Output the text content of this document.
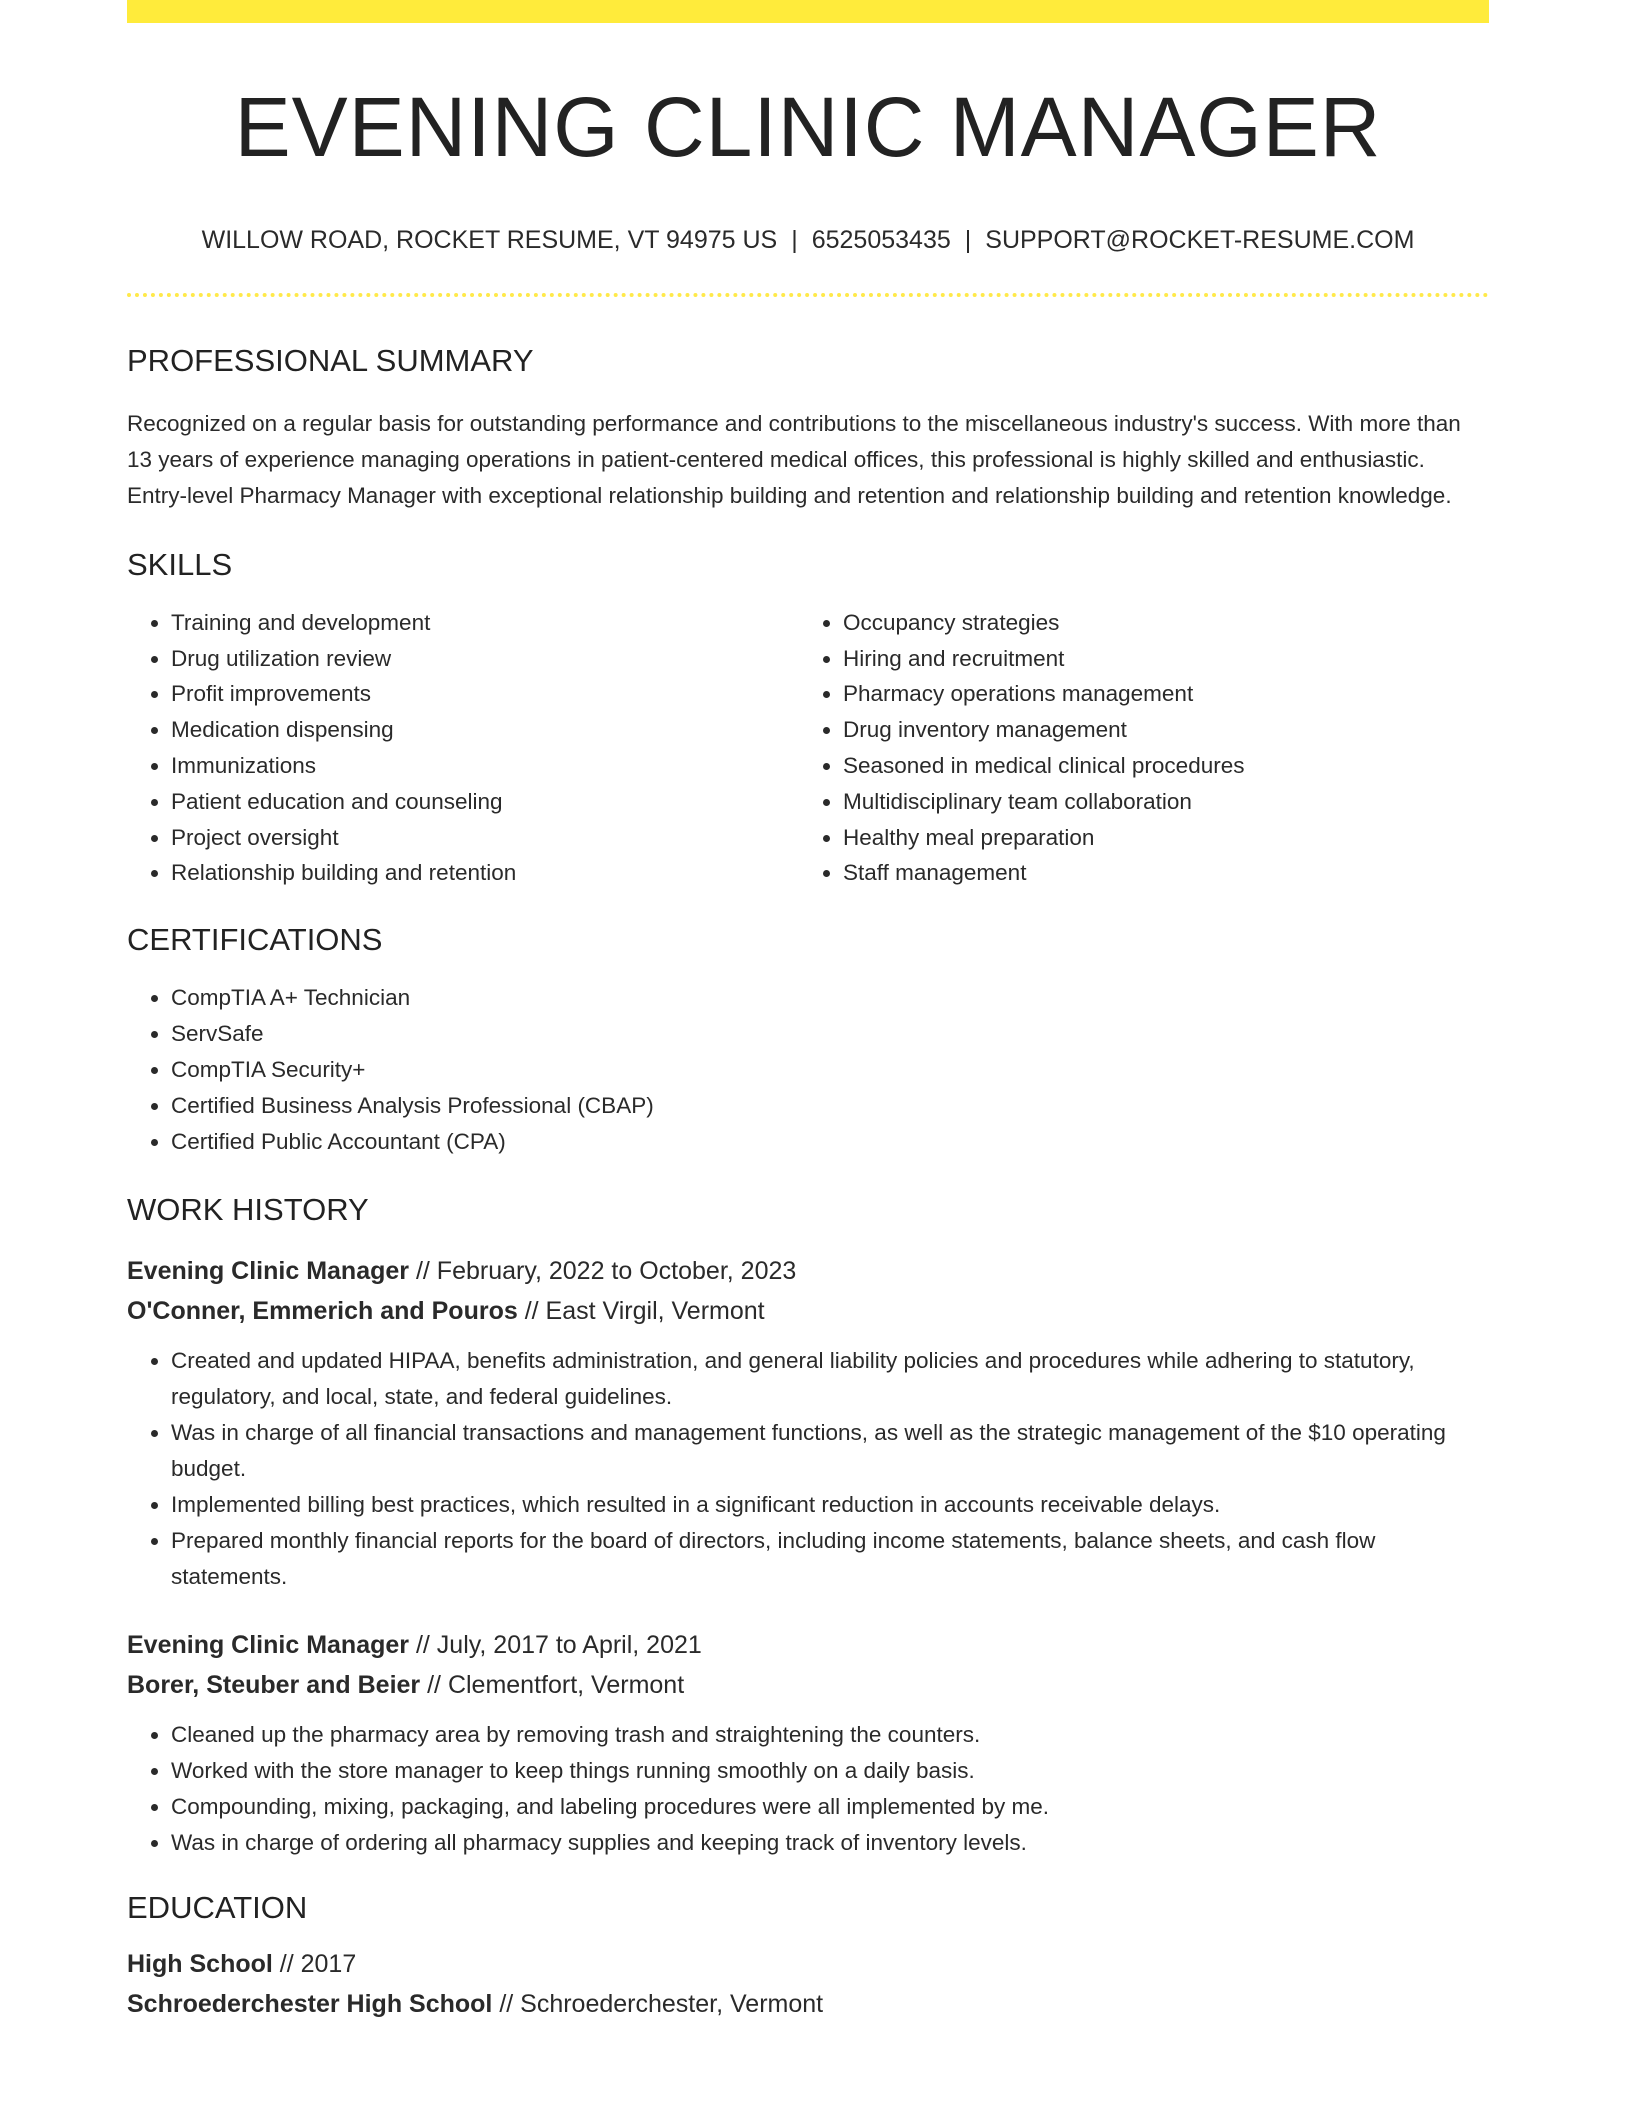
EVENING CLINIC MANAGER
WILLOW ROAD, ROCKET RESUME, VT 94975 US | 6525053435 | SUPPORT@ROCKET-RESUME.COM
PROFESSIONAL SUMMARY

Recognized on a regular basis for outstanding performance and contributions to the miscellaneous industry's success. With more than 13 years of experience managing operations in patient-centered medical offices, this professional is highly skilled and enthusiastic. Entry-level Pharmacy Manager with exceptional relationship building and retention and relationship building and retention knowledge.

SKILLS
• Training and development
• Drug utilization review
• Profit improvements
• Medication dispensing
• Immunizations
• Patient education and counseling
• Project oversight
• Relationship building and retention
• Occupancy strategies
• Hiring and recruitment
• Pharmacy operations management
• Drug inventory management
• Seasoned in medical clinical procedures
• Multidisciplinary team collaboration
• Healthy meal preparation
• Staff management
CERTIFICATIONS
• CompTIA A+ Technician
• ServSafe
• CompTIA Security+
• Certified Business Analysis Professional (CBAP)
• Certified Public Accountant (CPA)
WORK HISTORY
Evening Clinic Manager // February, 2022 to October, 2023
O'Conner, Emmerich and Pouros // East Virgil, Vermont
• Created and updated HIPAA, benefits administration, and general liability policies and procedures while adhering to statutory, regulatory, and local, state, and federal guidelines.
• Was in charge of all financial transactions and management functions, as well as the strategic management of the $10 operating budget.
• Implemented billing best practices, which resulted in a significant reduction in accounts receivable delays.
• Prepared monthly financial reports for the board of directors, including income statements, balance sheets, and cash flow statements.
Evening Clinic Manager // July, 2017 to April, 2021
Borer, Steuber and Beier // Clementfort, Vermont
• Cleaned up the pharmacy area by removing trash and straightening the counters.
• Worked with the store manager to keep things running smoothly on a daily basis.
• Compounding, mixing, packaging, and labeling procedures were all implemented by me.
• Was in charge of ordering all pharmacy supplies and keeping track of inventory levels.
EDUCATION
High School // 2017
Schroederchester High School // Schroederchester, Vermont
